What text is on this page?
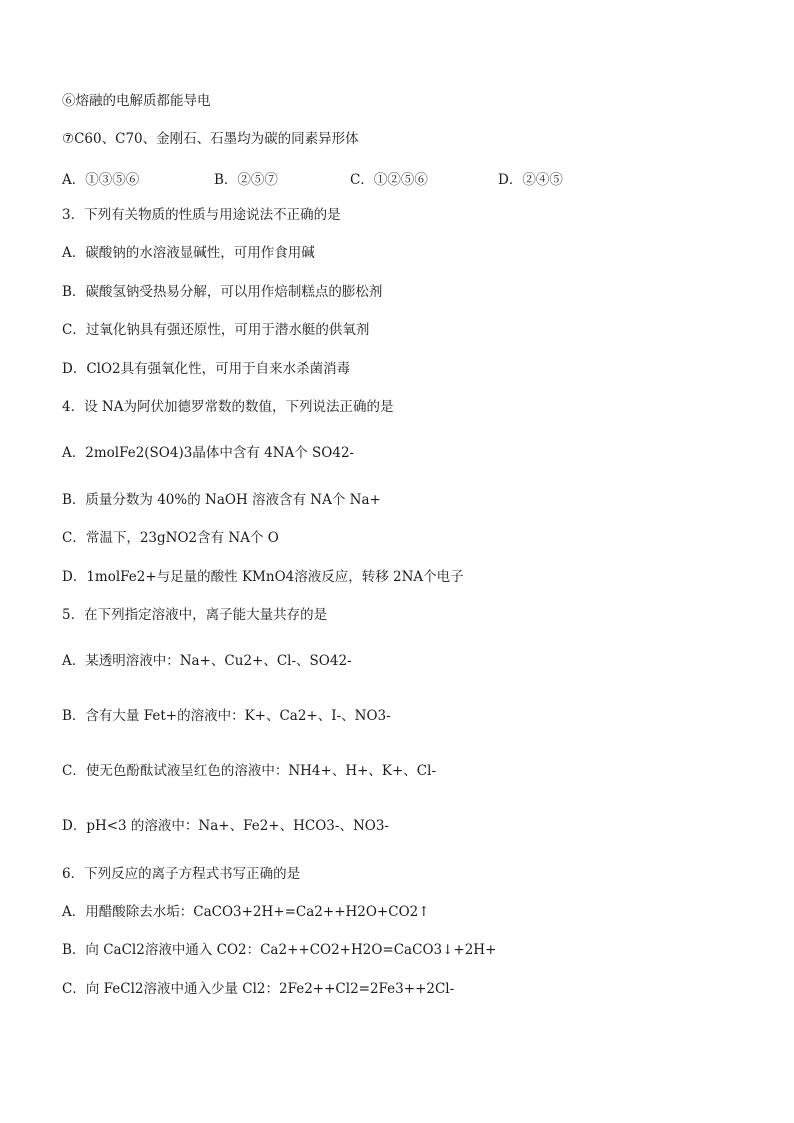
⑥熔融的电解质都能导电
⑦C60、C70、金刚石、石墨均为碳的同素异形体
A．①③⑤⑥	B．②⑤⑦	C．①②⑤⑥	D．②④⑤
3．下列有关物质的性质与用途说法不正确的是
A．碳酸钠的水溶液显碱性，可用作食用碱
B．碳酸氢钠受热易分解，可以用作焙制糕点的膨松剂
C．过氧化钠具有强还原性，可用于潜水艇的供氧剂
D．ClO2具有强氧化性，可用于自来水杀菌消毒
4．设 NA为阿伏加德罗常数的数值，下列说法正确的是
A．2molFe2(SO4)3晶体中含有 4NA个 SO42-
B．质量分数为 40%的 NaOH 溶液含有 NA个 Na+
C．常温下，23gNO2含有 NA个 O
D．1molFe2+与足量的酸性 KMnO4溶液反应，转移 2NA个电子
5．在下列指定溶液中，离子能大量共存的是
A．某透明溶液中：Na+、Cu2+、Cl-、SO42-
B．含有大量 Fet+的溶液中：K+、Ca2+、I-、NO3-
C．使无色酚酞试液呈红色的溶液中：NH4+、H+、K+、Cl-
D．pH<3 的溶液中：Na+、Fe2+、HCO3-、NO3-
6．下列反应的离子方程式书写正确的是
A．用醋酸除去水垢：CaCO3+2H+=Ca2++H2O+CO2↑
B．向 CaCl2溶液中通入 CO2：Ca2++CO2+H2O=CaCO3↓+2H+
C．向 FeCl2溶液中通入少量 Cl2：2Fe2++Cl2=2Fe3++2Cl-
